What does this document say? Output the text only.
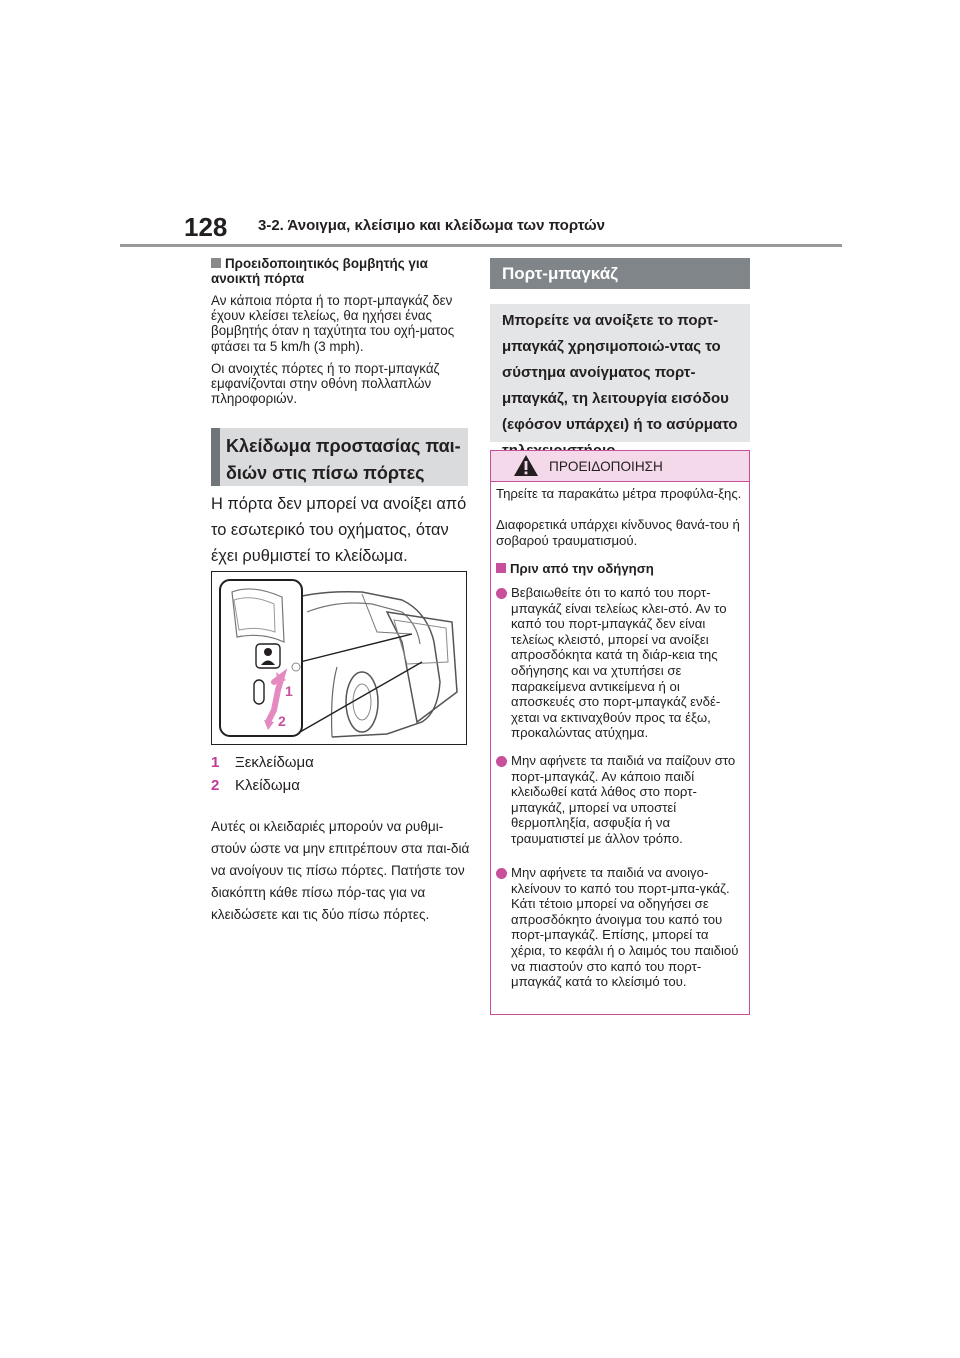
128 3-2. Άνοιγμα, κλείσιμο και κλείδωμα των πορτών
Προειδοποιητικός βομβητής για ανοικτή πόρτα
Αν κάποια πόρτα ή το πορτ-μπαγκάζ δεν έχουν κλείσει τελείως, θα ηχήσει ένας βομβητής όταν η ταχύτητα του οχή-ματος φτάσει τα 5 km/h (3 mph).
Οι ανοιχτές πόρτες ή το πορτ-μπαγκάζ εμφανίζονται στην οθόνη πολλαπλών πληροφοριών.
Κλείδωμα προστασίας παι-διών στις πίσω πόρτες
Η πόρτα δεν μπορεί να ανοίξει από το εσωτερικό του οχήματος, όταν έχει ρυθμιστεί το κλείδωμα.
1
2
1 Ξεκλείδωμα
2 Κλείδωμα
Αυτές οι κλειδαριές μπορούν να ρυθμι-στούν ώστε να μην επιτρέπουν στα παι-διά να ανοίγουν τις πίσω πόρτες. Πατήστε τον διακόπτη κάθε πίσω πόρ-τας για να κλειδώσετε και τις δύο πίσω πόρτες.
Πορτ-μπαγκάζ
Μπορείτε να ανοίξετε το πορτ-μπαγκάζ χρησιμοποιώ-ντας το σύστημα ανοίγματος πορτ-μπαγκάζ, τη λειτουργία εισόδου (εφόσον υπάρχει) ή το ασύρματο
ΠΡΟΕΙΔΟΠΟΙΗΣΗ
Τηρείτε τα παρακάτω μέτρα προφύλα-ξης.
Διαφορετικά υπάρχει κίνδυνος θανά-του ή σοβαρού τραυματισμού.
Πριν από την οδήγηση
Βεβαιωθείτε ότι το καπό του πορτ-μπαγκάζ είναι τελείως κλει-στό. Αν το καπό του πορτ-μπαγκάζ δεν είναι τελείως κλειστό, μπορεί να ανοίξει απροσδόκητα κατά τη διάρ-κεια της οδήγησης και να χτυπήσει σε παρακείμενα αντικείμενα ή οι αποσκευές στο πορτ-μπαγκάζ ενδέ-χεται να εκτιναχθούν προς τα έξω, προκαλώντας ατύχημα.
Μην αφήνετε τα παιδιά να παίζουν στο πορτ-μπαγκάζ. Αν κάποιο παιδί κλειδωθεί κατά λάθος στο πορτ-μπαγκάζ, μπορεί να υποστεί θερμοπληξία, ασφυξία ή να τραυματιστεί με άλλον τρόπο.
Μην αφήνετε τα παιδιά να ανοιγο-κλείνουν το καπό του πορτ-μπα-γκάζ. Κάτι τέτοιο μπορεί να οδηγήσει σε απροσδόκητο άνοιγμα του καπό του πορτ-μπαγκάζ. Επίσης, μπορεί τα χέρια, το κεφάλι ή ο λαιμός του παιδιού να πιαστούν στο καπό του πορτ-μπαγκάζ κατά το κλείσιμό του.
